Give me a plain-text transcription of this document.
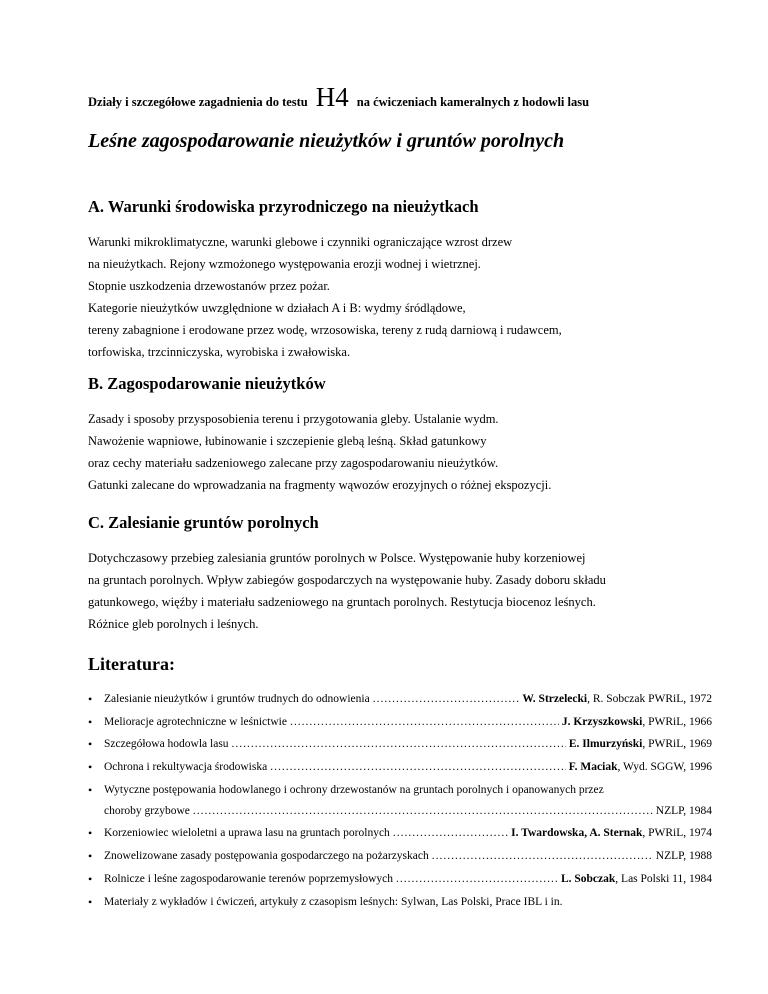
Działy i szczegółowe zagadnienia do testu H4 na ćwiczeniach kameralnych z hodowli lasu
Leśne zagospodarowanie nieużytków i gruntów porolnych
A. Warunki środowiska przyrodniczego na nieużytkach
Warunki mikroklimatyczne, warunki glebowe i czynniki ograniczające wzrost drzew
na nieużytkach. Rejony wzmożonego występowania erozji wodnej i wietrznej.
Stopnie uszkodzenia drzewostanów przez pożar.
Kategorie nieużytków uwzględnione w działach A i B: wydmy śródlądowe,
tereny zabagnione i erodowane przez wodę, wrzosowiska, tereny z rudą darniową i rudawcem,
torfowiska, trzcinniczyska, wyrobiska i zwałowiska.
B. Zagospodarowanie nieużytków
Zasady i sposoby przysposobienia terenu i przygotowania gleby. Ustalanie wydm.
Nawożenie wapniowe, łubinowanie i szczepienie glebą leśną. Skład gatunkowy
oraz cechy materiału sadzeniowego zalecane przy zagospodarowaniu nieużytków.
Gatunki zalecane do wprowadzania na fragmenty wąwozów erozyjnych o różnej ekspozycji.
C. Zalesianie gruntów porolnych
Dotychczasowy przebieg zalesiania gruntów porolnych w Polsce. Występowanie huby korzeniowej
na gruntach porolnych. Wpływ zabiegów gospodarczych na występowanie huby. Zasady doboru składu
gatunkowego, więźby i materiału sadzeniowego na gruntach porolnych. Restytucja biocenoz leśnych.
Różnice gleb porolnych i leśnych.
Literatura:
• Zalesianie nieużytków i gruntów trudnych do odnowienia .....	W. Strzelecki , R. Sobczak PWRiL, 1972
• Melioracje agrotechniczne w leśnictwie .....	J. Krzyszkowski , PWRiL, 1966
• Szczegółowa hodowla lasu .....	E. Ilmurzyński , PWRiL, 1969
• Ochrona i rekultywacja środowiska .....	F. Maciak , Wyd. SGGW, 1996
• Wytyczne postępowania hodowlanego i ochrony drzewostanów na gruntach porolnych i opanowanych przez
choroby grzybowe .....	NZLP, 1984
• Korzeniowiec wieloletni a uprawa lasu na gruntach porolnych .....	I. Twardowska, A. Sternak , PWRiL, 1974
• Znowelizowane zasady postępowania gospodarczego na pożarzyskach .....	NZLP, 1988
• Rolnicze i leśne zagospodarowanie terenów poprzemysłowych .....	L. Sobczak , Las Polski 11, 1984
• Materiały z wykładów i ćwiczeń, artykuły z czasopism leśnych: Sylwan, Las Polski, Prace IBL i in.
